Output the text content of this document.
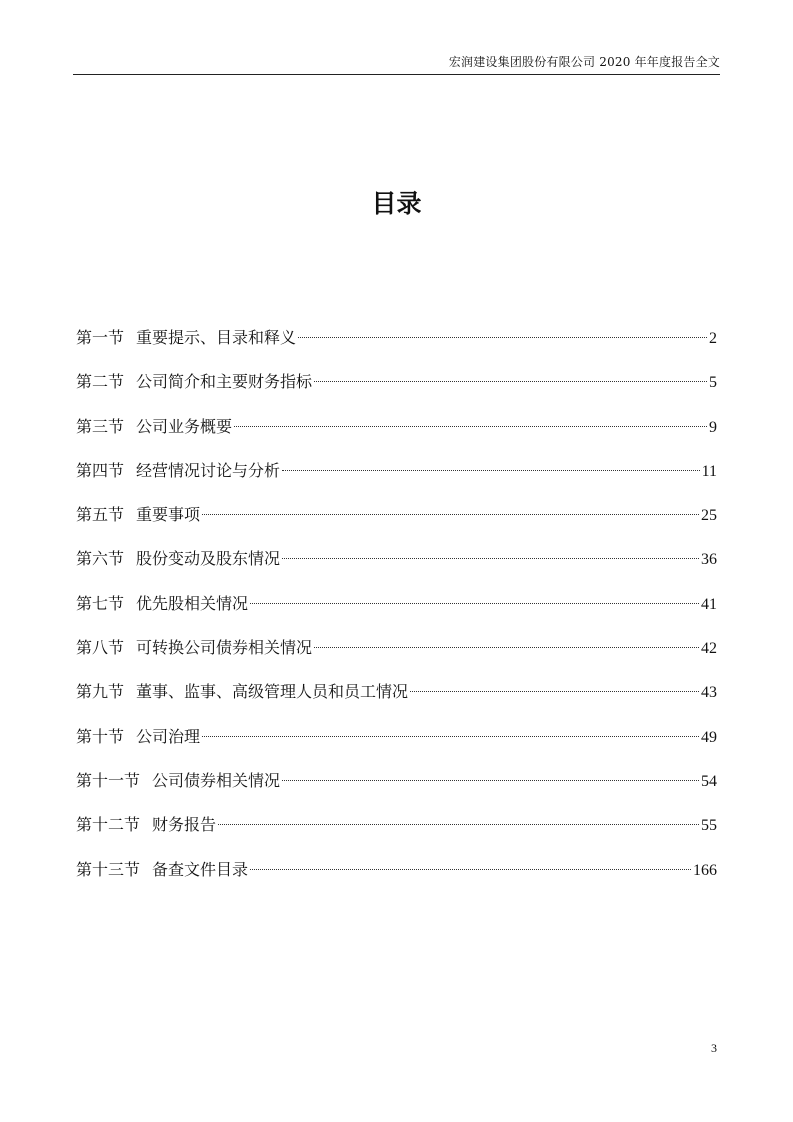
宏润建设集团股份有限公司 2020 年年度报告全文
目录
第一节 重要提示、目录和释义	2
第二节 公司简介和主要财务指标	5
第三节 公司业务概要	9
第四节 经营情况讨论与分析	11
第五节 重要事项	25
第六节 股份变动及股东情况	36
第七节 优先股相关情况	41
第八节 可转换公司债券相关情况	42
第九节 董事、监事、高级管理人员和员工情况	43
第十节 公司治理	49
第十一节 公司债券相关情况	54
第十二节 财务报告	55
第十三节 备查文件目录	166
3
